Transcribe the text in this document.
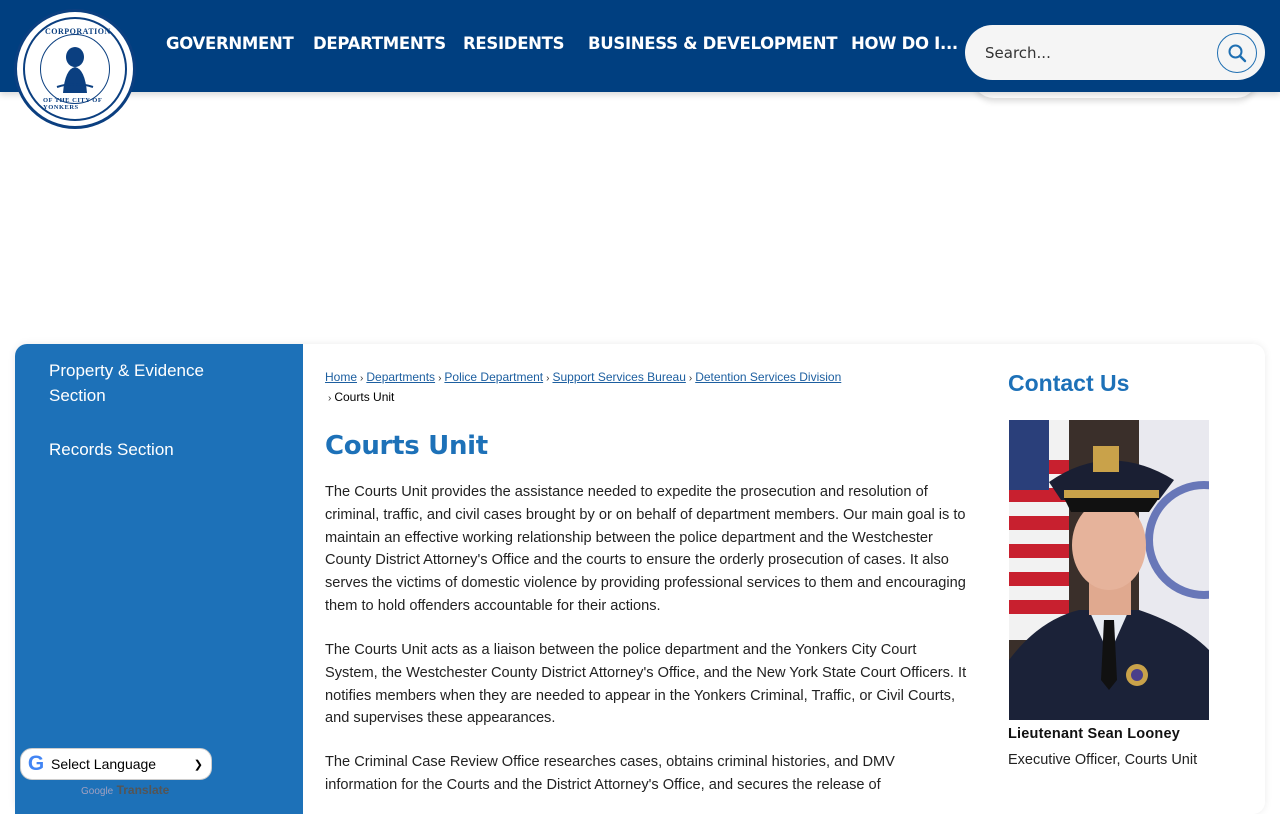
GOVERNMENT DEPARTMENTS RESIDENTS BUSINESS & DEVELOPMENT HOW DO I...
CORPORATION
OF THE CITY OF YONKERS
Search...
Property & Evidence Section
Records Section
G Select Language	❯
Google Translate
Home › Departments › Police Department › Support Services Bureau › Detention Services Division
› Courts Unit
Courts Unit

The Courts Unit provides the assistance needed to expedite the prosecution and resolution of criminal, traffic, and civil cases brought by or on behalf of department members. Our main goal is to maintain an effective working relationship between the police department and the Westchester County District Attorney's Office and the courts to ensure the orderly prosecution of cases. It also serves the victims of domestic violence by providing professional services to them and encouraging them to hold offenders accountable for their actions.

The Courts Unit acts as a liaison between the police department and the Yonkers City Court System, the Westchester County District Attorney's Office, and the New York State Court Officers. It notifies members when they are needed to appear in the Yonkers Criminal, Traffic, or Civil Courts, and supervises these appearances.

The Criminal Case Review Office researches cases, obtains criminal histories, and DMV information for the Courts and the District Attorney's Office, and secures the release of

Contact Us
Lieutenant Sean Looney
Executive Officer, Courts Unit
